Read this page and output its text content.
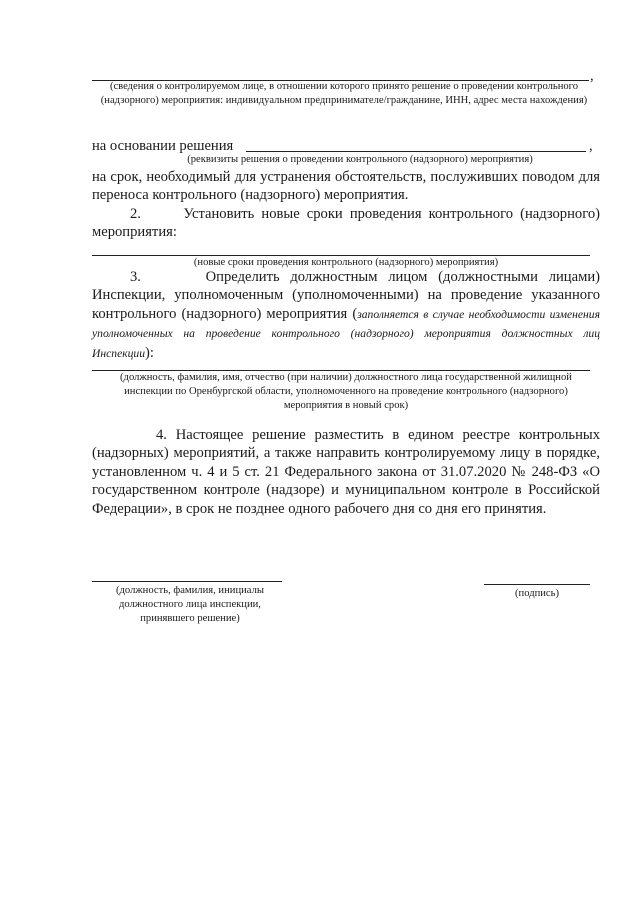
,
(сведения о контролируемом лице, в отношении которого принято решение о проведении контрольного (надзорного) мероприятия: индивидуальном предпринимателе/гражданине, ИНН, адрес места нахождения)
на основании решения	,
(реквизиты решения о проведении контрольного (надзорного) мероприятия)
на срок, необходимый для устранения обстоятельств, послуживших поводом для переноса контрольного (надзорного) мероприятия.
2.      Установить новые сроки проведения контрольного (надзорного) мероприятия:
(новые сроки проведения контрольного (надзорного) мероприятия)
3.      Определить должностным лицом (должностными лицами) Инспекции, уполномоченным (уполномоченными) на проведение указанного контрольного (надзорного) мероприятия (заполняется в случае необходимости изменения уполномоченных на проведение контрольного (надзорного) мероприятия должностных лиц Инспекции):
(должность, фамилия, имя, отчество (при наличии) должностного лица государственной жилищной инспекции по Оренбургской области, уполномоченного на проведение контрольного (надзорного) мероприятия в новый срок)
4. Настоящее решение разместить в едином реестре контрольных (надзорных) мероприятий, а также направить контролируемому лицу в порядке, установленном ч. 4 и 5 ст. 21 Федерального закона от 31.07.2020 № 248-ФЗ «О государственном контроле (надзоре) и муниципальном контроле в Российской Федерации», в срок не позднее одного рабочего дня со дня его принятия.
(должность, фамилия, инициалы должностного лица инспекции, принявшего решение)
(подпись)
